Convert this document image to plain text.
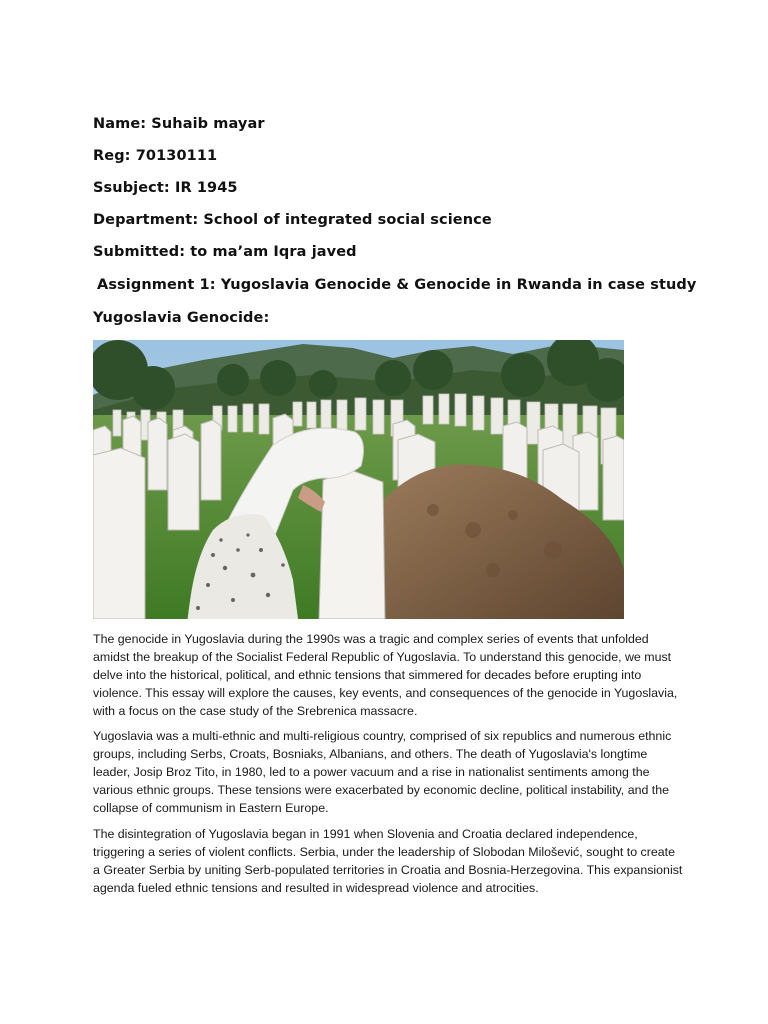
Name: Suhaib mayar
Reg: 70130111
Ssubject: IR 1945
Department: School of integrated social science
Submitted: to ma’am Iqra javed
Assignment 1: Yugoslavia Genocide & Genocide in Rwanda in case study
Yugoslavia Genocide:

The genocide in Yugoslavia during the 1990s was a tragic and complex series of events that unfolded amidst the breakup of the Socialist Federal Republic of Yugoslavia. To understand this genocide, we must delve into the historical, political, and ethnic tensions that simmered for decades before erupting into violence. This essay will explore the causes, key events, and consequences of the genocide in Yugoslavia, with a focus on the case study of the Srebrenica massacre.

Yugoslavia was a multi-ethnic and multi-religious country, comprised of six republics and numerous ethnic groups, including Serbs, Croats, Bosniaks, Albanians, and others. The death of Yugoslavia's longtime leader, Josip Broz Tito, in 1980, led to a power vacuum and a rise in nationalist sentiments among the various ethnic groups. These tensions were exacerbated by economic decline, political instability, and the collapse of communism in Eastern Europe.

The disintegration of Yugoslavia began in 1991 when Slovenia and Croatia declared independence, triggering a series of violent conflicts. Serbia, under the leadership of Slobodan Milošević, sought to create a Greater Serbia by uniting Serb-populated territories in Croatia and Bosnia-Herzegovina. This expansionist agenda fueled ethnic tensions and resulted in widespread violence and atrocities.
